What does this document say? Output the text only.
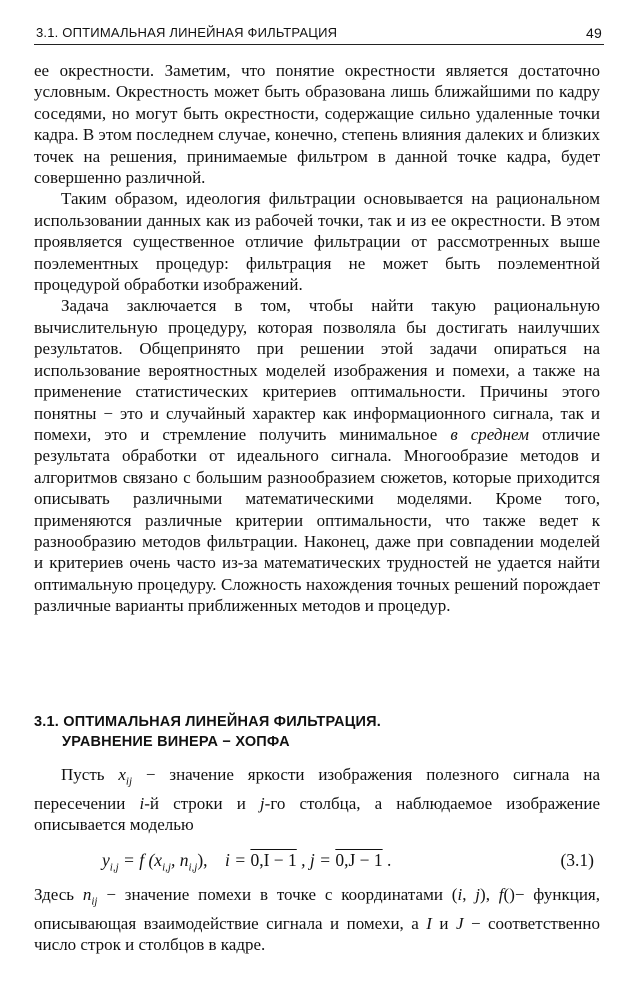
3.1. ОПТИМАЛЬНАЯ ЛИНЕЙНАЯ ФИЛЬТРАЦИЯ	49

ее окрестности. Заметим, что понятие окрестности является достаточно условным. Окрестность может быть образована лишь ближайшими по кадру соседями, но могут быть окрестности, содержащие сильно удаленные точки кадра. В этом последнем случае, конечно, степень влияния далеких и близких точек на решения, принимаемые фильтром в данной точке кадра, будет совершенно различной.

Таким образом, идеология фильтрации основывается на рациональном использовании данных как из рабочей точки, так и из ее окрестности. В этом проявляется существенное отличие фильтрации от рассмотренных выше поэлементных процедур: фильтрация не может быть поэлементной процедурой обработки изображений.

Задача заключается в том, чтобы найти такую рациональную вычислительную процедуру, которая позволяла бы достигать наилучших результатов. Общепринято при решении этой задачи опираться на использование вероятностных моделей изображения и помехи, а также на применение статистических критериев оптимальности. Причины этого понятны − это и случайный характер как информационного сигнала, так и помехи, это и стремление получить минимальное в среднем отличие результата обработки от идеального сигнала. Многообразие методов и алгоритмов связано с большим разнообразием сюжетов, которые приходится описывать различными математическими моделями. Кроме того, применяются различные критерии оптимальности, что также ведет к разнообразию методов фильтрации. Наконец, даже при совпадении моделей и критериев очень часто из-за математических трудностей не удается найти оптимальную процедуру. Сложность нахождения точных решений порождает различные варианты приближенных методов и процедур.

3.1. ОПТИМАЛЬНАЯ ЛИНЕЙНАЯ ФИЛЬТРАЦИЯ.
УРАВНЕНИЕ ВИНЕРА − ХОПФА

Пусть $x_{ij}$ − значение яркости изображения полезного сигнала на пересечении i-й строки и j-го столбца, а наблюдаемое изображение описывается моделью

$y_{i,j} = f$ ($x_{i,j}$, $n_{i,j}$), i = 0,I − 1 , j = 0,J − 1 .	(3.1)

Здесь $n_{ij}$ − значение помехи в точке с координатами (i, j), f()− функция, описывающая взаимодействие сигнала и помехи, а I и J − соответственно число строк и столбцов в кадре.
